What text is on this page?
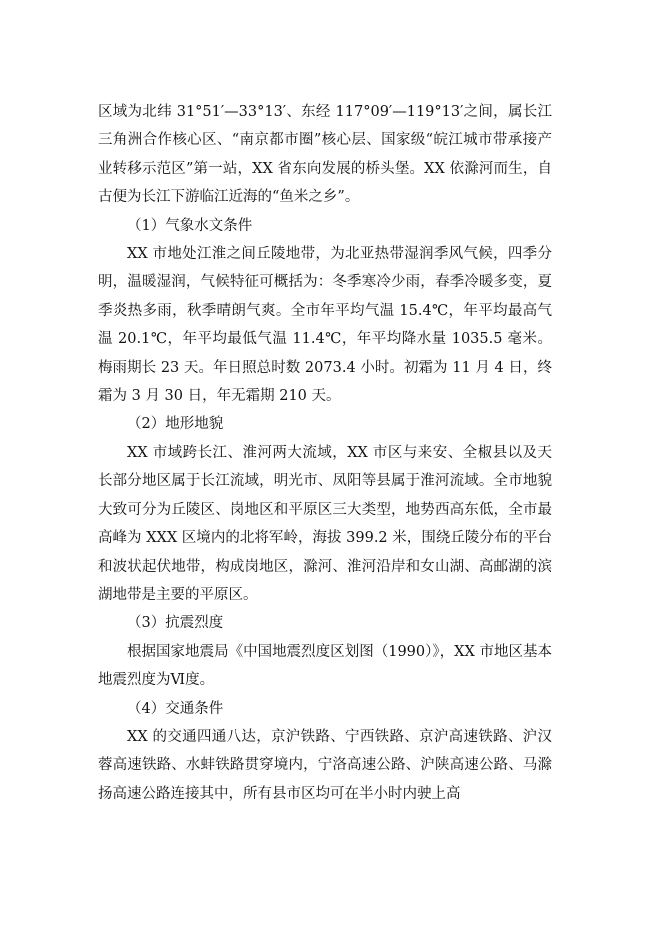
区域为北纬 31°51′—33°13′、东经 117°09′—119°13′之间，属长江三角洲合作核心区、“南京都市圈”核心层、国家级“皖江城市带承接产业转移示范区”第一站，XX 省东向发展的桥头堡。XX 依滁河而生，自古便为长江下游临江近海的“鱼米之乡”。

（1）气象水文条件

XX 市地处江淮之间丘陵地带，为北亚热带湿润季风气候，四季分明，温暖湿润，气候特征可概括为：冬季寒冷少雨，春季冷暖多变，夏季炎热多雨，秋季晴朗气爽。全市年平均气温 15.4℃，年平均最高气温 20.1℃，年平均最低气温 11.4℃，年平均降水量 1035.5 毫米。梅雨期长 23 天。年日照总时数 2073.4 小时。初霜为 11 月 4 日，终霜为 3 月 30 日，年无霜期 210 天。

（2）地形地貌

XX 市域跨长江、淮河两大流域，XX 市区与来安、全椒县以及天长部分地区属于长江流域，明光市、凤阳等县属于淮河流域。全市地貌大致可分为丘陵区、岗地区和平原区三大类型，地势西高东低，全市最高峰为 XXX 区境内的北将军岭，海拔 399.2 米，围绕丘陵分布的平台和波状起伏地带，构成岗地区，滁河、淮河沿岸和女山湖、高邮湖的滨湖地带是主要的平原区。

（3）抗震烈度

根据国家地震局《中国地震烈度区划图（1990）》，XX 市地区基本地震烈度为Ⅵ度。

（4）交通条件

XX 的交通四通八达，京沪铁路、宁西铁路、京沪高速铁路、沪汉蓉高速铁路、水蚌铁路贯穿境内，宁洛高速公路、沪陕高速公路、马滁扬高速公路连接其中，所有县市区均可在半小时内驶上高
